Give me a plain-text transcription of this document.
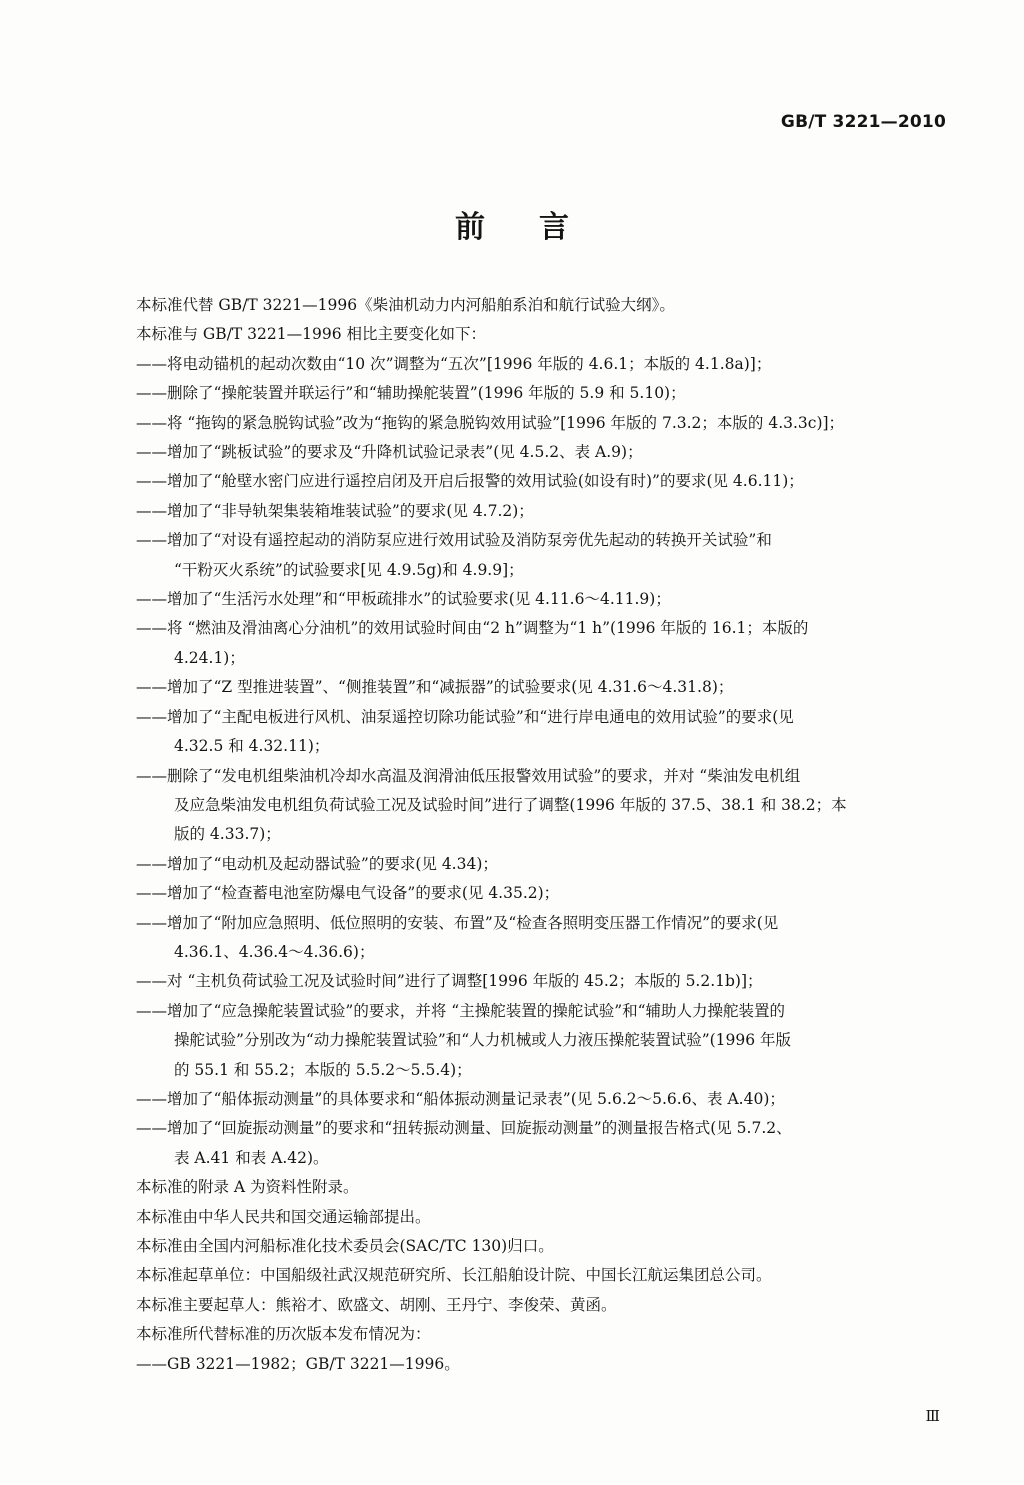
GB/T 3221—2010
前言
本标准代替 GB/T 3221—1996《柴油机动力内河船舶系泊和航行试验大纲》。
本标准与 GB/T 3221—1996 相比主要变化如下：
——将电动锚机的起动次数由“10 次”调整为“五次”[1996 年版的 4.6.1；本版的 4.1.8a)]；
——删除了“操舵装置并联运行”和“辅助操舵装置”(1996 年版的 5.9 和 5.10)；
——将 “拖钩的紧急脱钩试验”改为“拖钩的紧急脱钩效用试验”[1996 年版的 7.3.2；本版的 4.3.3c)]；
——增加了“跳板试验”的要求及“升降机试验记录表”(见 4.5.2、表 A.9)；
——增加了“舱壁水密门应进行遥控启闭及开启后报警的效用试验(如设有时)”的要求(见 4.6.11)；
——增加了“非导轨架集装箱堆装试验”的要求(见 4.7.2)；
——增加了“对设有遥控起动的消防泵应进行效用试验及消防泵旁优先起动的转换开关试验”和
“干粉灭火系统”的试验要求[见 4.9.5g)和 4.9.9]；
——增加了“生活污水处理”和“甲板疏排水”的试验要求(见 4.11.6～4.11.9)；
——将 “燃油及滑油离心分油机”的效用试验时间由“2 h”调整为“1 h”(1996 年版的 16.1；本版的
4.24.1)；
——增加了“Z 型推进装置”、“侧推装置”和“减振器”的试验要求(见 4.31.6～4.31.8)；
——增加了“主配电板进行风机、油泵遥控切除功能试验”和“进行岸电通电的效用试验”的要求(见
4.32.5 和 4.32.11)；
——删除了“发电机组柴油机冷却水高温及润滑油低压报警效用试验”的要求，并对 “柴油发电机组
及应急柴油发电机组负荷试验工况及试验时间”进行了调整(1996 年版的 37.5、38.1 和 38.2；本
版的 4.33.7)；
——增加了“电动机及起动器试验”的要求(见 4.34)；
——增加了“检查蓄电池室防爆电气设备”的要求(见 4.35.2)；
——增加了“附加应急照明、低位照明的安装、布置”及“检查各照明变压器工作情况”的要求(见
4.36.1、4.36.4～4.36.6)；
——对 “主机负荷试验工况及试验时间”进行了调整[1996 年版的 45.2；本版的 5.2.1b)]；
——增加了“应急操舵装置试验”的要求，并将 “主操舵装置的操舵试验”和“辅助人力操舵装置的
操舵试验”分别改为“动力操舵装置试验”和“人力机械或人力液压操舵装置试验”(1996 年版
的 55.1 和 55.2；本版的 5.5.2～5.5.4)；
——增加了“船体振动测量”的具体要求和“船体振动测量记录表”(见 5.6.2～5.6.6、表 A.40)；
——增加了“回旋振动测量”的要求和“扭转振动测量、回旋振动测量”的测量报告格式(见 5.7.2、
表 A.41 和表 A.42)。
本标准的附录 A 为资料性附录。
本标准由中华人民共和国交通运输部提出。
本标准由全国内河船标准化技术委员会(SAC/TC 130)归口。
本标准起草单位：中国船级社武汉规范研究所、长江船舶设计院、中国长江航运集团总公司。
本标准主要起草人：熊裕才、欧盛文、胡刚、王丹宁、李俊荣、黄函。
本标准所代替标准的历次版本发布情况为：
——GB 3221—1982；GB/T 3221—1996。
Ⅲ
